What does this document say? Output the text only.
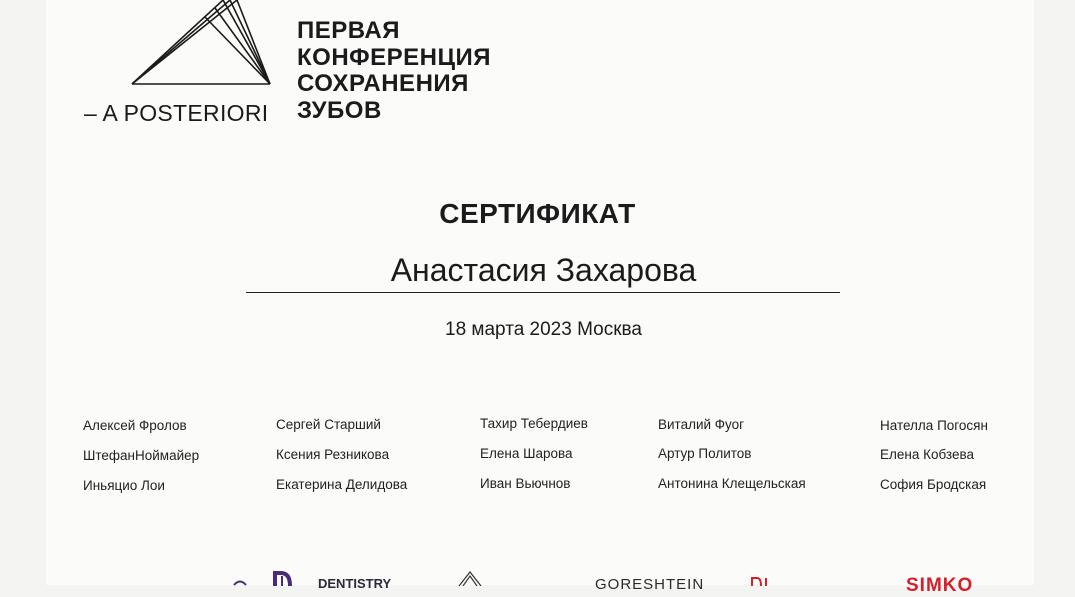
– A POSTERIORI
ПЕРВАЯ
КОНФЕРЕНЦИЯ
СОХРАНЕНИЯ
ЗУБОВ
СЕРТИФИКАТ
Анастасия Захарова
18 марта 2023 Москва
Алексей Фролов
ШтефанНоймайер
Иньяцио Лои
Сергей Старший
Ксения Резникова
Екатерина Делидова
Тахир Тебердиев
Елена Шарова
Иван Вьючнов
Виталий Фуог
Артур Политов
Антонина Клещельская
Нателла Погосян
Елена Кобзева
София Бродская
DENTISTRY	GORESHTEIN	SIMKO
